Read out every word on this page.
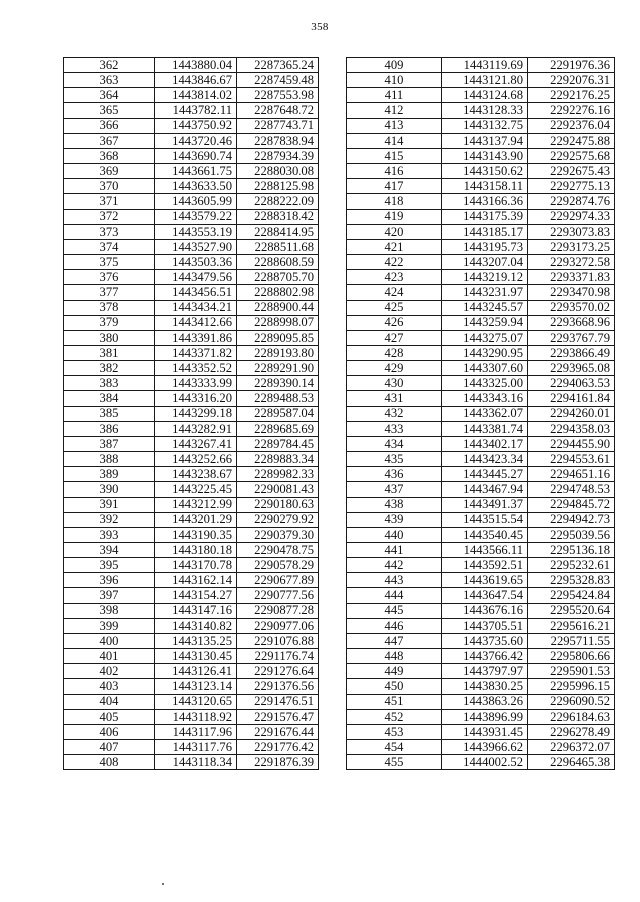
358
362	1443880.04	2287365.24
363	1443846.67	2287459.48
364	1443814.02	2287553.98
365	1443782.11	2287648.72
366	1443750.92	2287743.71
367	1443720.46	2287838.94
368	1443690.74	2287934.39
369	1443661.75	2288030.08
370	1443633.50	2288125.98
371	1443605.99	2288222.09
372	1443579.22	2288318.42
373	1443553.19	2288414.95
374	1443527.90	2288511.68
375	1443503.36	2288608.59
376	1443479.56	2288705.70
377	1443456.51	2288802.98
378	1443434.21	2288900.44
379	1443412.66	2288998.07
380	1443391.86	2289095.85
381	1443371.82	2289193.80
382	1443352.52	2289291.90
383	1443333.99	2289390.14
384	1443316.20	2289488.53
385	1443299.18	2289587.04
386	1443282.91	2289685.69
387	1443267.41	2289784.45
388	1443252.66	2289883.34
389	1443238.67	2289982.33
390	1443225.45	2290081.43
391	1443212.99	2290180.63
392	1443201.29	2290279.92
393	1443190.35	2290379.30
394	1443180.18	2290478.75
395	1443170.78	2290578.29
396	1443162.14	2290677.89
397	1443154.27	2290777.56
398	1443147.16	2290877.28
399	1443140.82	2290977.06
400	1443135.25	2291076.88
401	1443130.45	2291176.74
402	1443126.41	2291276.64
403	1443123.14	2291376.56
404	1443120.65	2291476.51
405	1443118.92	2291576.47
406	1443117.96	2291676.44
407	1443117.76	2291776.42
408	1443118.34	2291876.39
409	1443119.69	2291976.36
410	1443121.80	2292076.31
411	1443124.68	2292176.25
412	1443128.33	2292276.16
413	1443132.75	2292376.04
414	1443137.94	2292475.88
415	1443143.90	2292575.68
416	1443150.62	2292675.43
417	1443158.11	2292775.13
418	1443166.36	2292874.76
419	1443175.39	2292974.33
420	1443185.17	2293073.83
421	1443195.73	2293173.25
422	1443207.04	2293272.58
423	1443219.12	2293371.83
424	1443231.97	2293470.98
425	1443245.57	2293570.02
426	1443259.94	2293668.96
427	1443275.07	2293767.79
428	1443290.95	2293866.49
429	1443307.60	2293965.08
430	1443325.00	2294063.53
431	1443343.16	2294161.84
432	1443362.07	2294260.01
433	1443381.74	2294358.03
434	1443402.17	2294455.90
435	1443423.34	2294553.61
436	1443445.27	2294651.16
437	1443467.94	2294748.53
438	1443491.37	2294845.72
439	1443515.54	2294942.73
440	1443540.45	2295039.56
441	1443566.11	2295136.18
442	1443592.51	2295232.61
443	1443619.65	2295328.83
444	1443647.54	2295424.84
445	1443676.16	2295520.64
446	1443705.51	2295616.21
447	1443735.60	2295711.55
448	1443766.42	2295806.66
449	1443797.97	2295901.53
450	1443830.25	2295996.15
451	1443863.26	2296090.52
452	1443896.99	2296184.63
453	1443931.45	2296278.49
454	1443966.62	2296372.07
455	1444002.52	2296465.38
